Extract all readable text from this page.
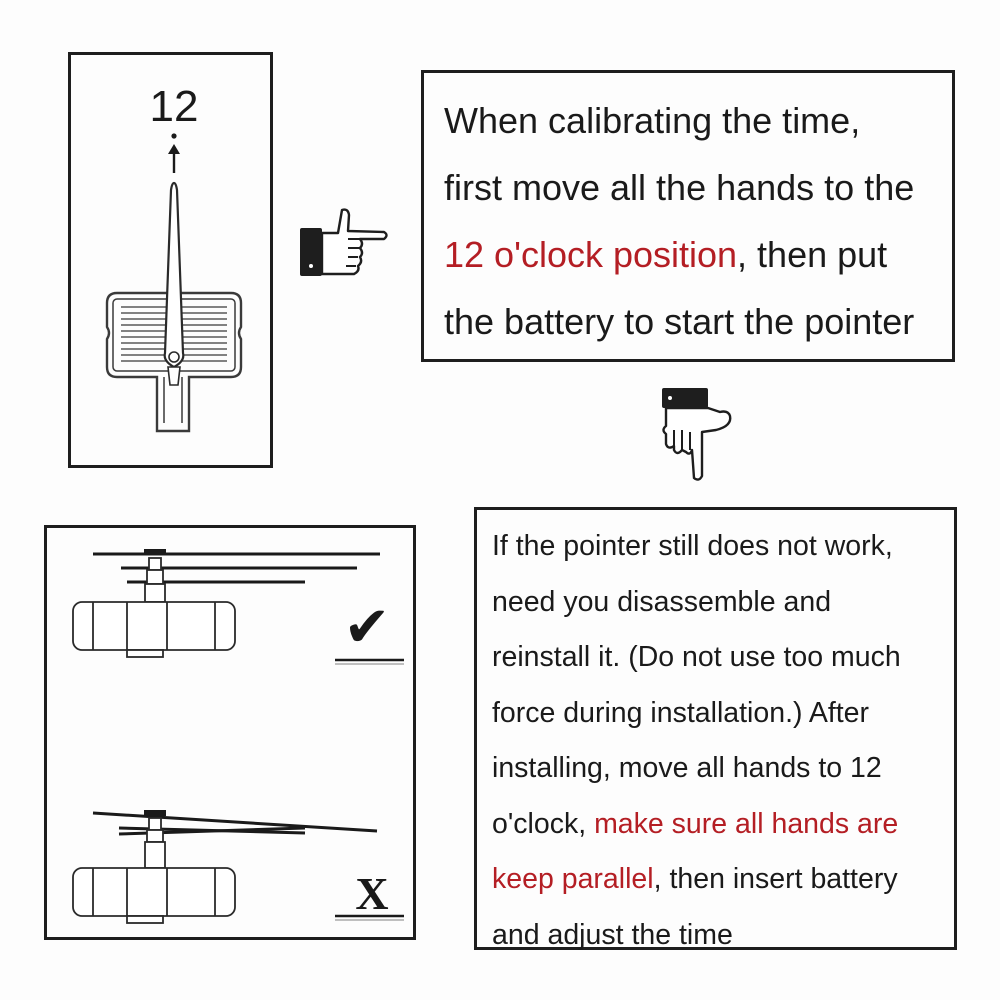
12	When calibrating the time,
first move all the hands to the
12 o'clock position, then put
the battery to start the pointer

✔
X

If the pointer still does not work,
need you disassemble and
reinstall it. (Do not use too much
force during installation.) After
installing, move all hands to 12
o'clock, make sure all hands are
keep parallel, then insert battery
and adjust the time
